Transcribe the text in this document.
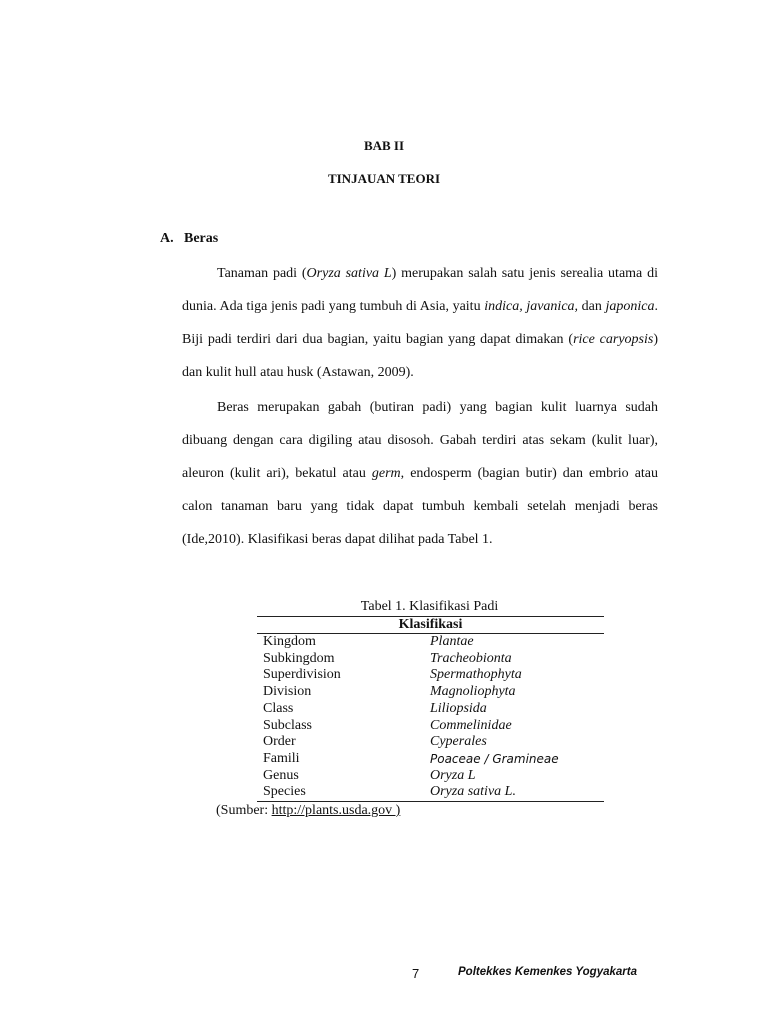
BAB II
TINJAUAN TEORI
A. Beras

Tanaman padi (Oryza sativa L) merupakan salah satu jenis serealia utama di dunia. Ada tiga jenis padi yang tumbuh di Asia, yaitu indica, javanica, dan japonica. Biji padi terdiri dari dua bagian, yaitu bagian yang dapat dimakan (rice caryopsis) dan kulit hull atau husk (Astawan, 2009).

Beras merupakan gabah (butiran padi) yang bagian kulit luarnya sudah dibuang dengan cara digiling atau disosoh. Gabah terdiri atas sekam (kulit luar), aleuron (kulit ari), bekatul atau germ, endosperm (bagian butir) dan embrio atau calon tanaman baru yang tidak dapat tumbuh kembali setelah menjadi beras (Ide,2010). Klasifikasi beras dapat dilihat pada Tabel 1.

Tabel 1. Klasifikasi Padi
Klasifikasi	
Kingdom	Plantae
Subkingdom	Tracheobionta
Superdivision	Spermathophyta
Division	Magnoliophyta
Class	Liliopsida
Subclass	Commelinidae
Order	Cyperales
Famili	Poaceae / Gramineae
Genus	Oryza L
Species	Oryza sativa L.
(Sumber: http://plants.usda.gov )
7	Poltekkes Kemenkes Yogyakarta
